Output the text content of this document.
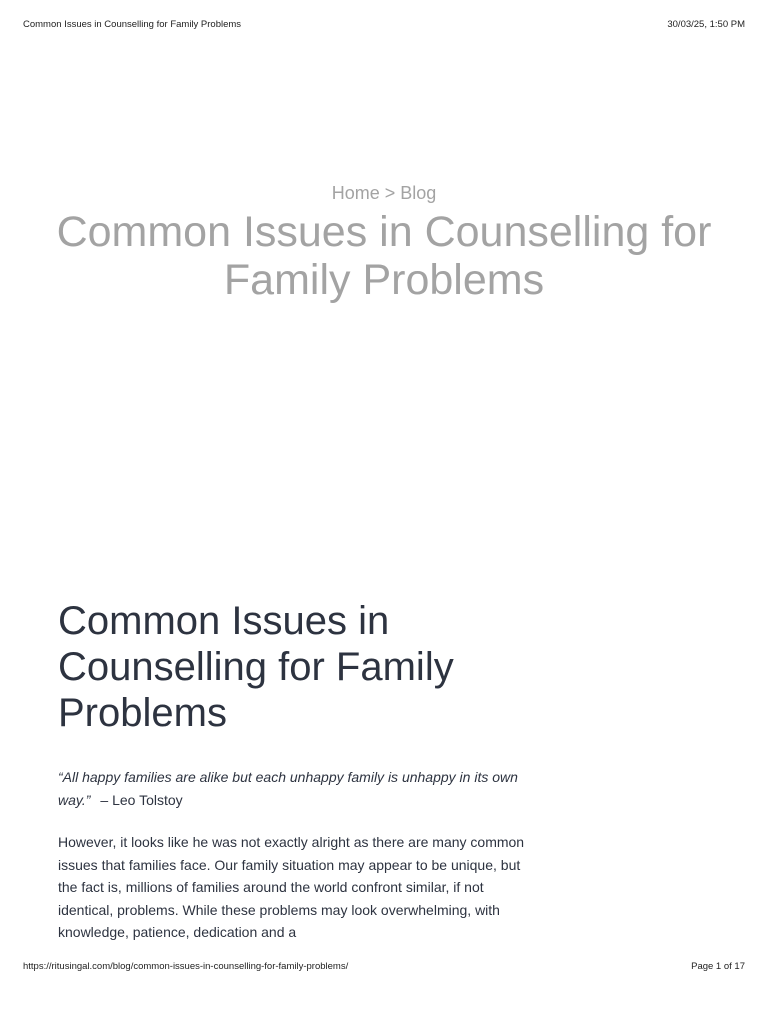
Common Issues in Counselling for Family Problems	30/03/25, 1:50 PM
Home > Blog
Common Issues in Counselling for Family Problems
Common Issues in Counselling for Family Problems

“All happy families are alike but each unhappy family is unhappy in its own way.” – Leo Tolstoy

However, it looks like he was not exactly alright as there are many common issues that families face. Our family situation may appear to be unique, but the fact is, millions of families around the world confront similar, if not identical, problems. While these problems may look overwhelming, with knowledge, patience, dedication and a

https://ritusingal.com/blog/common-issues-in-counselling-for-family-problems/	Page 1 of 17
